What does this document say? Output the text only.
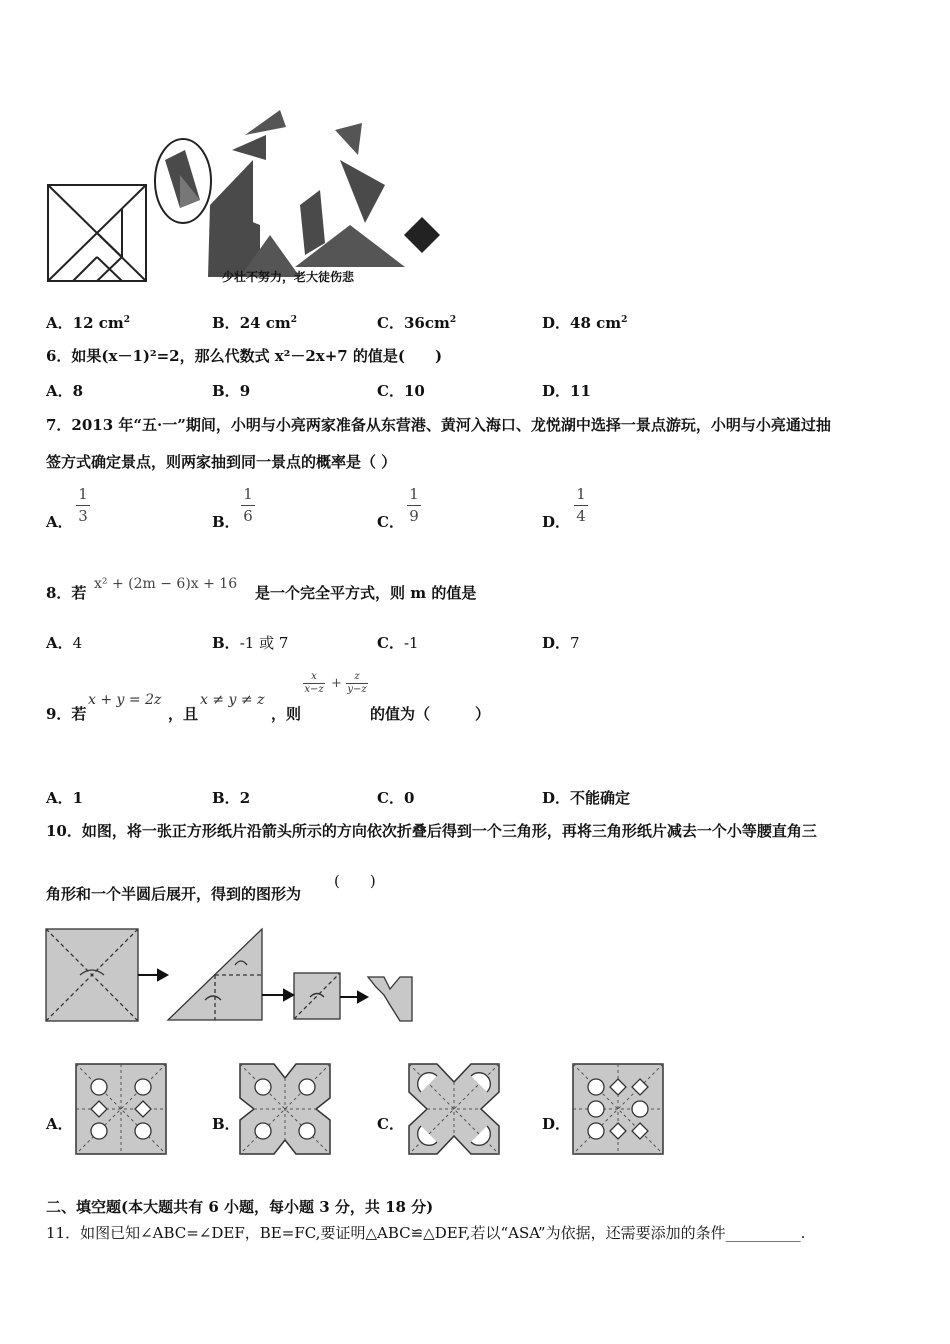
少壮不努力，老大徒伤悲
A．12 $cm^2$	B．24 $cm^2$	C．$36cm^2$	D．48 $cm^2$
6．如果(x－1)²=2，那么代数式 x²－2x+7 的值是(　　)
A．8	B．9	C．10	D．11
7．2013 年“五·一”期间，小明与小亮两家准备从东营港、黄河入海口、龙悦湖中选择一景点游玩，小明与小亮通过抽
签方式确定景点，则两家抽到同一景点的概率是（ ）
A．
1
3	B．
1
6	C．
1
9	D．
1
4
8．若 x² + (2m − 6)x + 16 是一个完全平方式，则 m 的值是
A．4	B．-1 或 7	C．-1	D．7
9．若
x + y = 2z
，且
x ≠ y ≠ z
，则
x
x−z + z
y−z
的值为（　　　）
A．1	B．2	C．0	D．不能确定
10．如图，将一张正方形纸片沿箭头所示的方向依次折叠后得到一个三角形，再将三角形纸片减去一个小等腰直角三
角形和一个半圆后展开，得到的图形为
(　　)
A．	B．	C．	D．
二、填空题(本大题共有 6 小题，每小题 3 分，共 18 分)
11．如图已知∠ABC=∠DEF，BE=FC,要证明△ABC≌△DEF,若以“ASA”为依据，还需要添加的条件__________.
